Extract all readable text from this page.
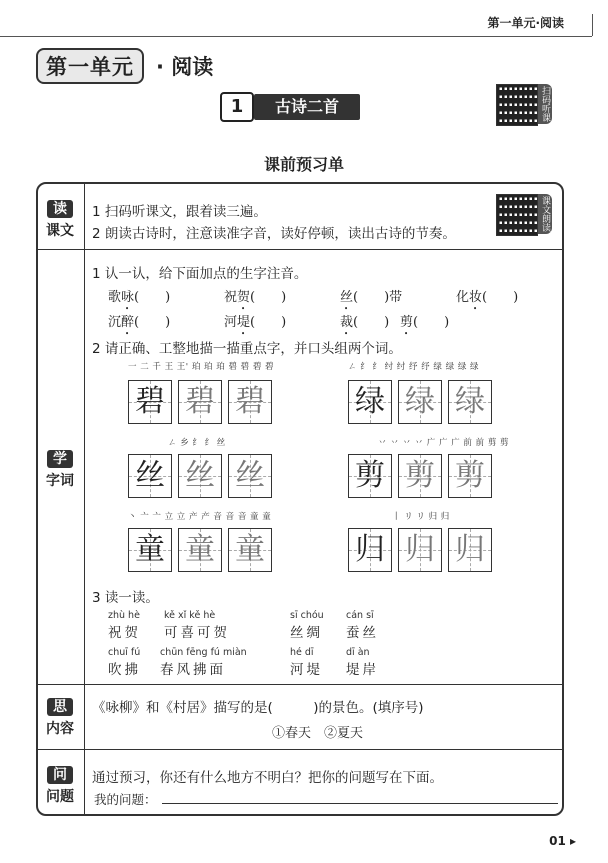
第一单元·阅读
第一单元	· 阅读
1	古诗二首	扫码听课
课前预习单
读
课文
1 扫码听课文，跟着读三遍。
2 朗读古诗时，注意读准字音，读好停顿，读出古诗的节奏。
课文朗读
学
字词
1 认一认，给下面加点的生字注音。
歌咏(　　)	祝贺(　　)	丝(　　)带	化妆(　　)
沉醉(　　)	河堤(　　)	裁(　　) 剪(　　)
2 请正确、工整地描一描重点字，并口头组两个词。
一 二 千 王 王' 珀 珀 珀 碧 碧 碧 碧
碧 碧 碧
ㄥ 纟 纟 纣 纣 纾 纾 绿 绿 绿 绿
绿 绿 绿
ㄥ 乡 纟 纟 丝
丝 丝 丝
丷 丷 丷 丷 广 广 广 前 前 剪 剪
剪 剪 剪
丶 亠 亠 立 立 产 产 音 音 音 童 童
童 童 童
丨 リ リ 归 归
归 归 归
3 读一读。
zhù hè
祝贺
kě xǐ kě hè
可喜可贺
sī chóu
丝绸
cán sī
蚕丝
chuī fú
吹拂
chūn fēng fú miàn
春风拂面
hé dī
河堤
dī àn
堤岸
思
内容
《咏柳》和《村居》描写的是(　　　)的景色。(填序号)
①春天　②夏天
问
问题
通过预习，你还有什么地方不明白？把你的问题写在下面。
我的问题：
01 ▸
